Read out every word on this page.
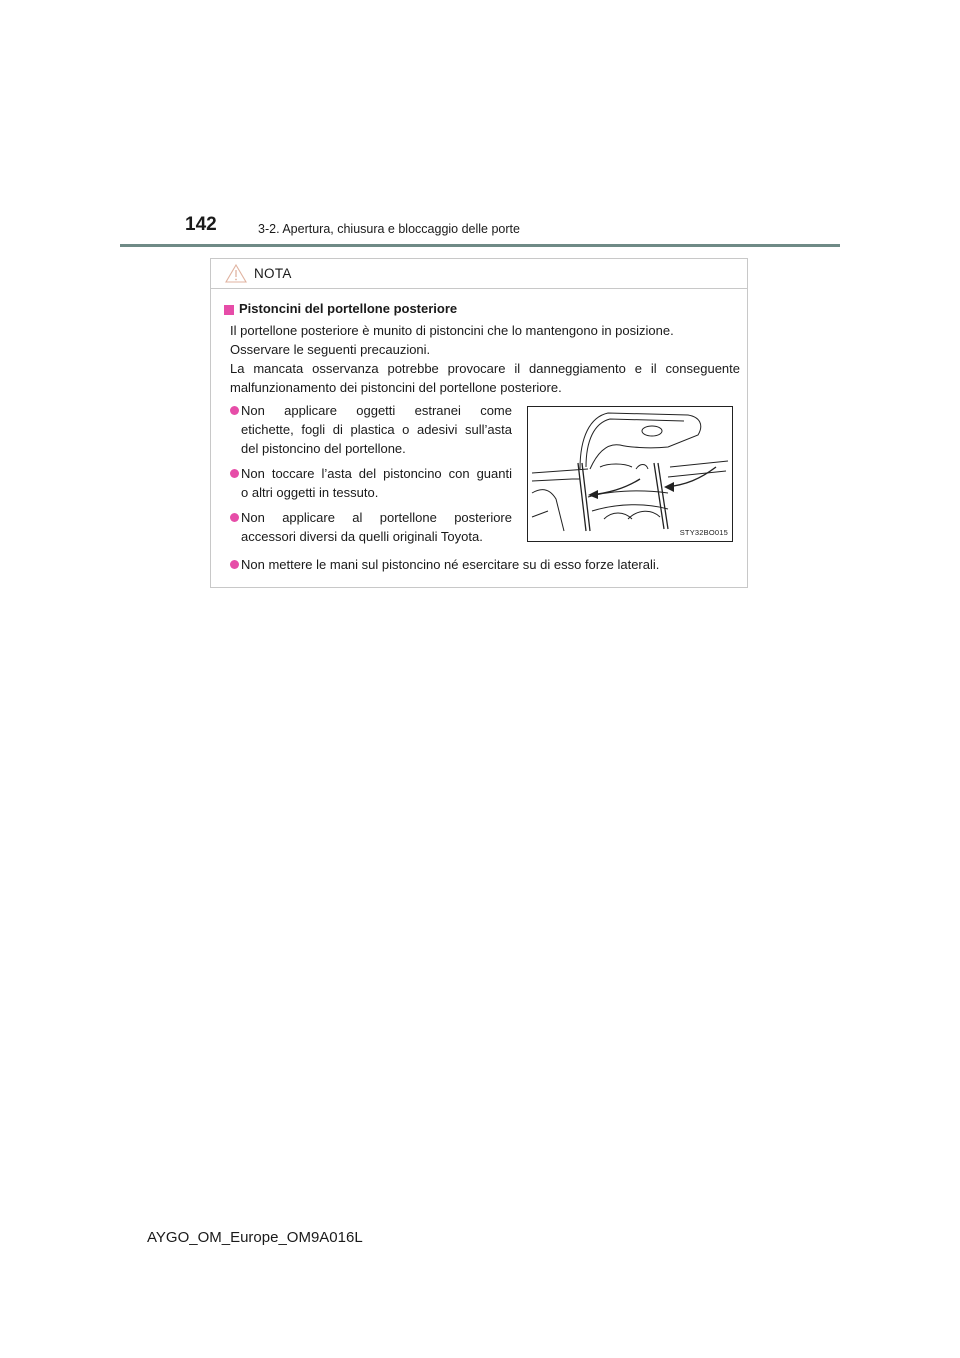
142	3-2. Apertura, chiusura e bloccaggio delle porte
NOTA
Pistoncini del portellone posteriore
Il portellone posteriore è munito di pistoncini che lo mantengono in posizione.
Osservare le seguenti precauzioni.
La mancata osservanza potrebbe provocare il danneggiamento e il conseguente
malfunzionamento dei pistoncini del portellone posteriore.
Non applicare oggetti estranei come
etichette, fogli di plastica o adesivi sull’asta
del pistoncino del portellone.
Non toccare l’asta del pistoncino con guanti
o altri oggetti in tessuto.
Non applicare al portellone posteriore
accessori diversi da quelli originali Toyota.	STY32BO015
Non mettere le mani sul pistoncino né esercitare su di esso forze laterali.
AYGO_OM_Europe_OM9A016L
